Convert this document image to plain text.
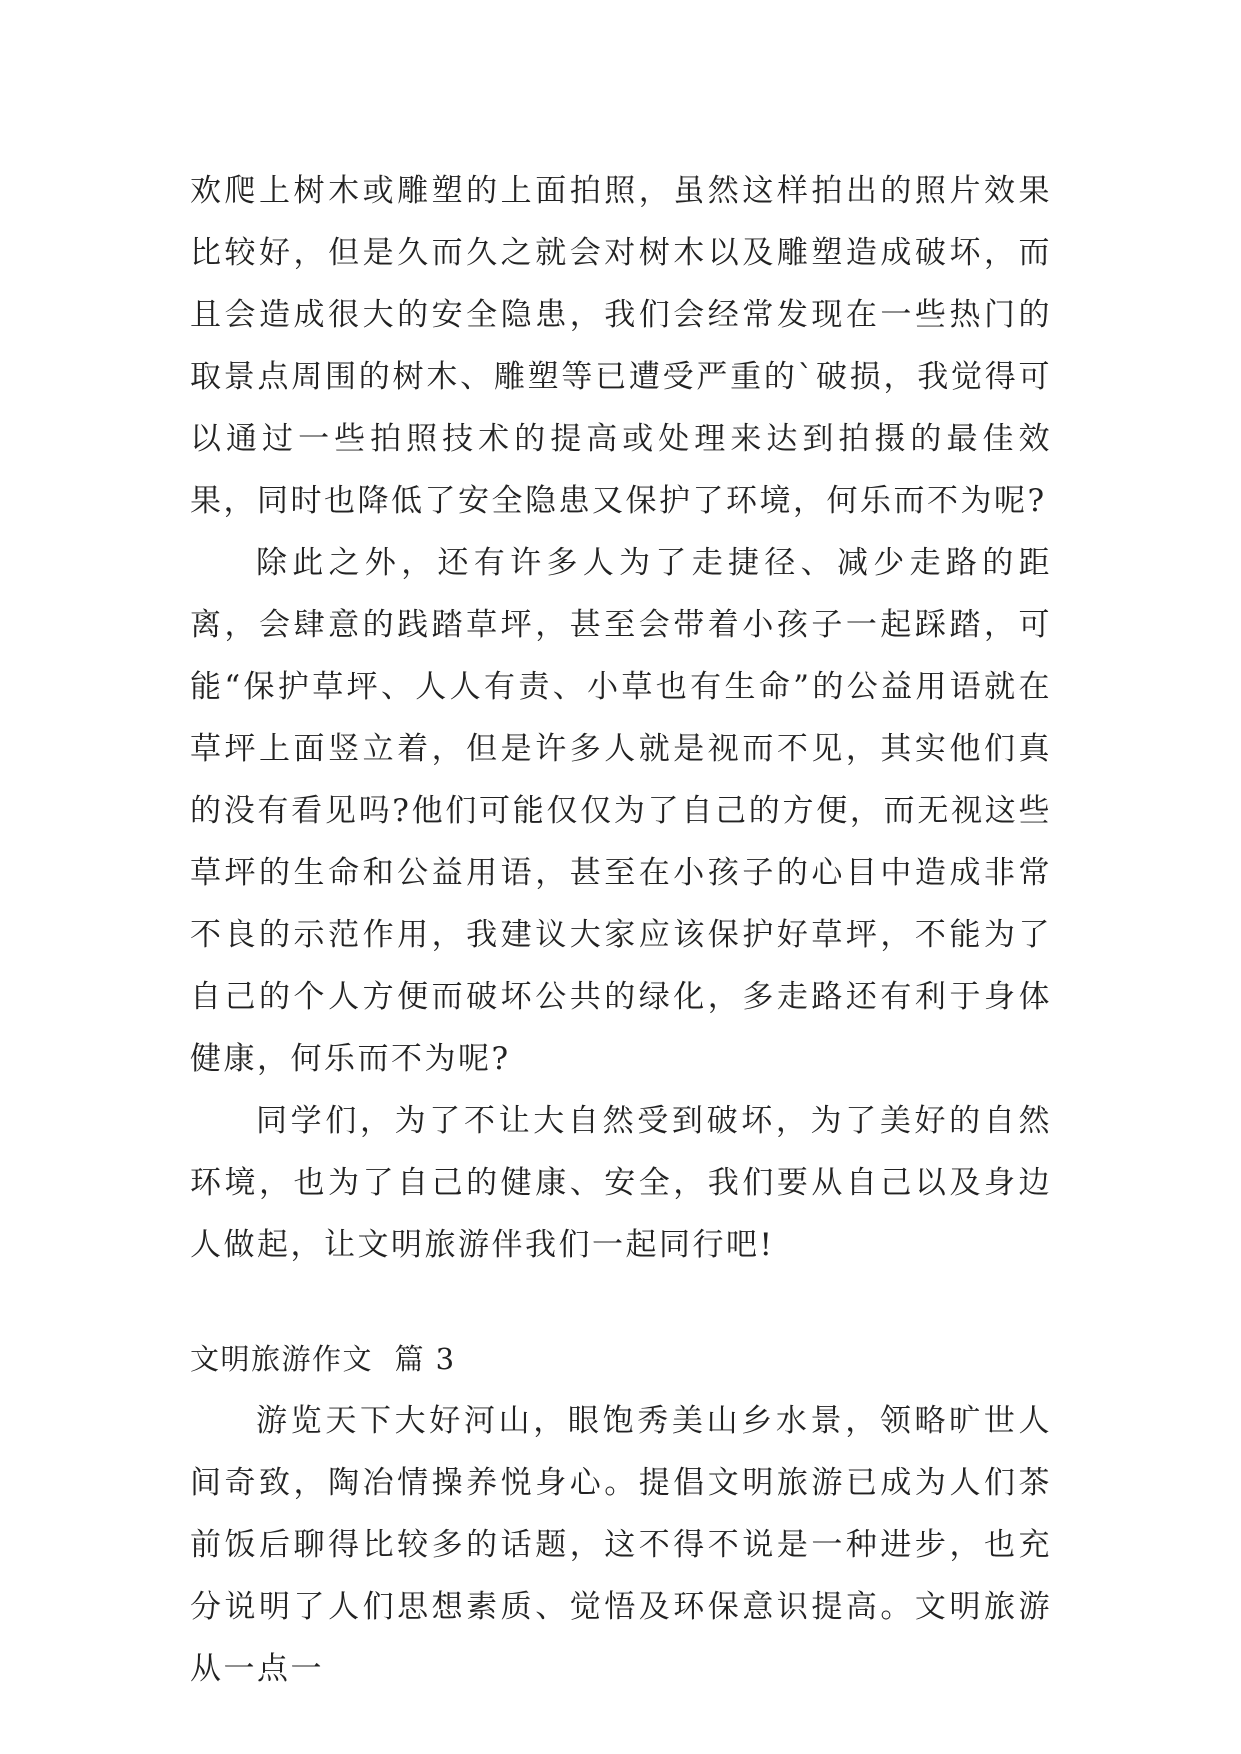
欢爬上树木或雕塑的上面拍照，虽然这样拍出的照片效果比较好，但是久而久之就会对树木以及雕塑造成破坏，而且会造成很大的安全隐患，我们会经常发现在一些热门的取景点周围的树木、雕塑等已遭受严重的`破损，我觉得可以通过一些拍照技术的提高或处理来达到拍摄的最佳效果，同时也降低了安全隐患又保护了环境，何乐而不为呢?

除此之外，还有许多人为了走捷径、减少走路的距离，会肆意的践踏草坪，甚至会带着小孩子一起踩踏，可能“保护草坪、人人有责、小草也有生命”的公益用语就在草坪上面竖立着，但是许多人就是视而不见，其实他们真的没有看见吗?他们可能仅仅为了自己的方便，而无视这些草坪的生命和公益用语，甚至在小孩子的心目中造成非常不良的示范作用，我建议大家应该保护好草坪，不能为了自己的个人方便而破坏公共的绿化，多走路还有利于身体健康，何乐而不为呢?

同学们，为了不让大自然受到破坏，为了美好的自然环境，也为了自己的健康、安全，我们要从自己以及身边人做起，让文明旅游伴我们一起同行吧!

文明旅游作文 篇 3

游览天下大好河山，眼饱秀美山乡水景，领略旷世人间奇致，陶冶情操养悦身心。提倡文明旅游已成为人们茶前饭后聊得比较多的话题，这不得不说是一种进步，也充分说明了人们思想素质、觉悟及环保意识提高。文明旅游从一点一
